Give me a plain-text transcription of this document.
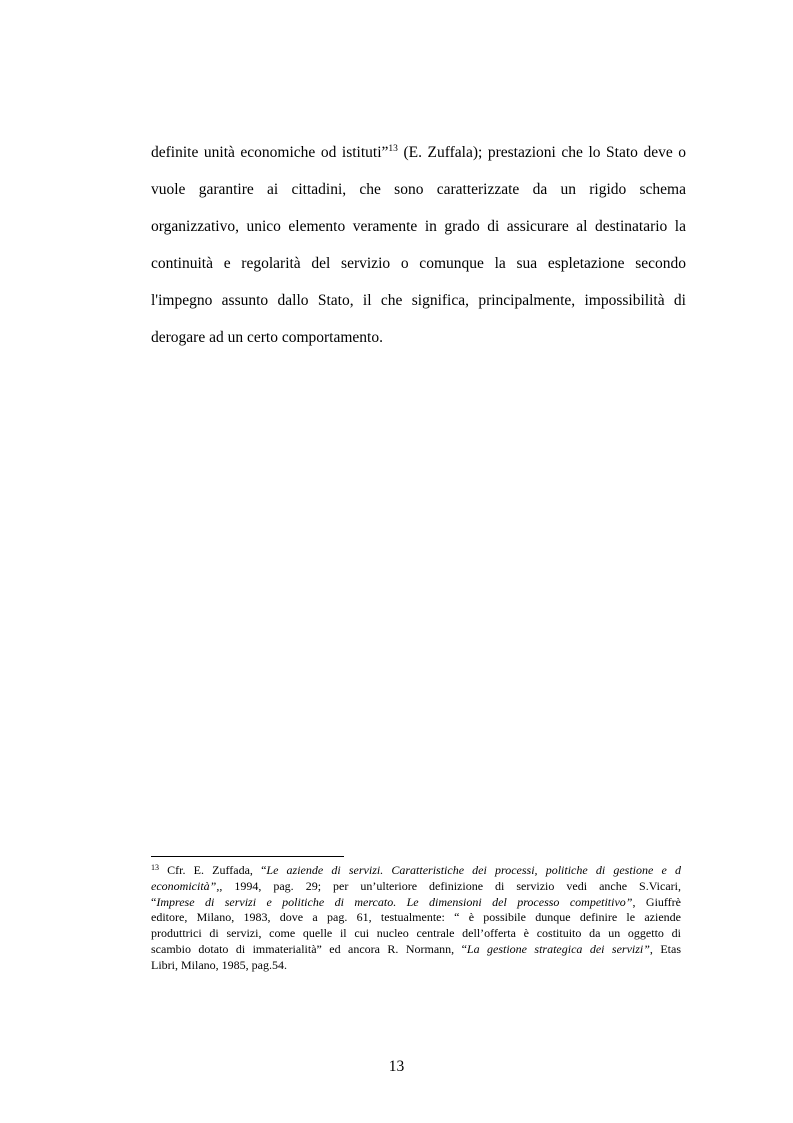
definite unità economiche od istituti”$^{13}$ (E. Zuffala); prestazioni che lo Stato deve o
vuole garantire ai cittadini, che sono caratterizzate da un rigido schema
organizzativo, unico elemento veramente in grado di assicurare al destinatario la
continuità e regolarità del servizio o comunque la sua espletazione secondo
l'impegno assunto dallo Stato, il che significa, principalmente, impossibilità di
derogare ad un certo comportamento.
$^{13}$ Cfr. E. Zuffada, “Le aziende di servizi. Caratteristiche dei processi, politiche di gestione e d
economicità”,, 1994, pag. 29; per un’ulteriore definizione di servizio vedi anche S.Vicari,
“Imprese di servizi e politiche di mercato. Le dimensioni del processo competitivo”, Giuffrè
editore, Milano, 1983, dove a pag. 61, testualmente: “ è possibile dunque definire le aziende
produttrici di servizi, come quelle il cui nucleo centrale dell’offerta è costituito da un oggetto di
scambio dotato di immaterialità” ed ancora R. Normann, “La gestione strategica dei servizi”, Etas
Libri, Milano, 1985, pag.54.
13
